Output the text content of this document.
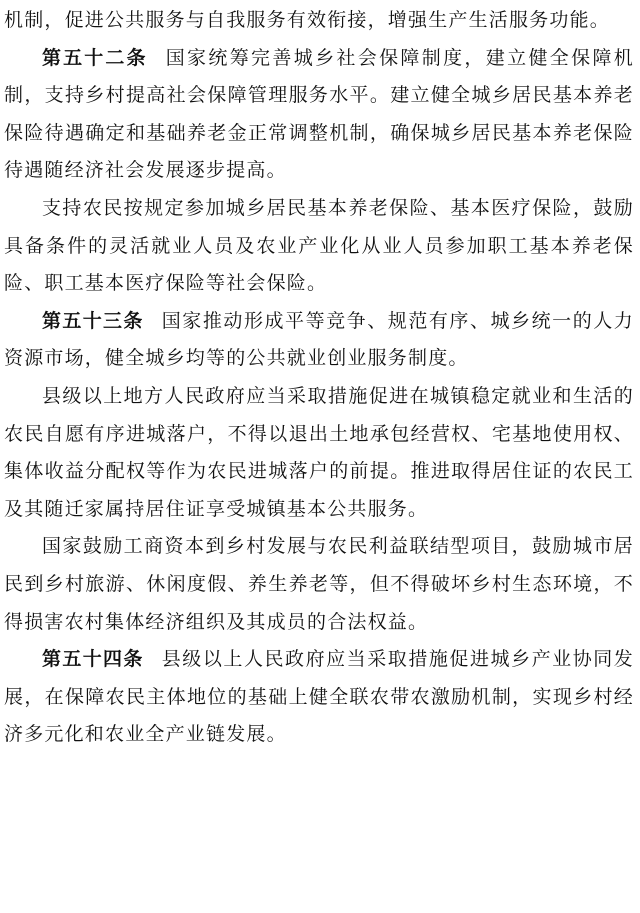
机制，促进公共服务与自我服务有效衔接，增强生产生活服务功能。

第五十二条 国家统筹完善城乡社会保障制度，建立健全保障机制，支持乡村提高社会保障管理服务水平。建立健全城乡居民基本养老保险待遇确定和基础养老金正常调整机制，确保城乡居民基本养老保险待遇随经济社会发展逐步提高。

支持农民按规定参加城乡居民基本养老保险、基本医疗保险，鼓励具备条件的灵活就业人员及农业产业化从业人员参加职工基本养老保险、职工基本医疗保险等社会保险。

第五十三条 国家推动形成平等竞争、规范有序、城乡统一的人力资源市场，健全城乡均等的公共就业创业服务制度。

县级以上地方人民政府应当采取措施促进在城镇稳定就业和生活的农民自愿有序进城落户，不得以退出土地承包经营权、宅基地使用权、集体收益分配权等作为农民进城落户的前提。推进取得居住证的农民工及其随迁家属持居住证享受城镇基本公共服务。

国家鼓励工商资本到乡村发展与农民利益联结型项目，鼓励城市居民到乡村旅游、休闲度假、养生养老等，但不得破坏乡村生态环境，不得损害农村集体经济组织及其成员的合法权益。

第五十四条 县级以上人民政府应当采取措施促进城乡产业协同发展，在保障农民主体地位的基础上健全联农带农激励机制，实现乡村经济多元化和农业全产业链发展。
